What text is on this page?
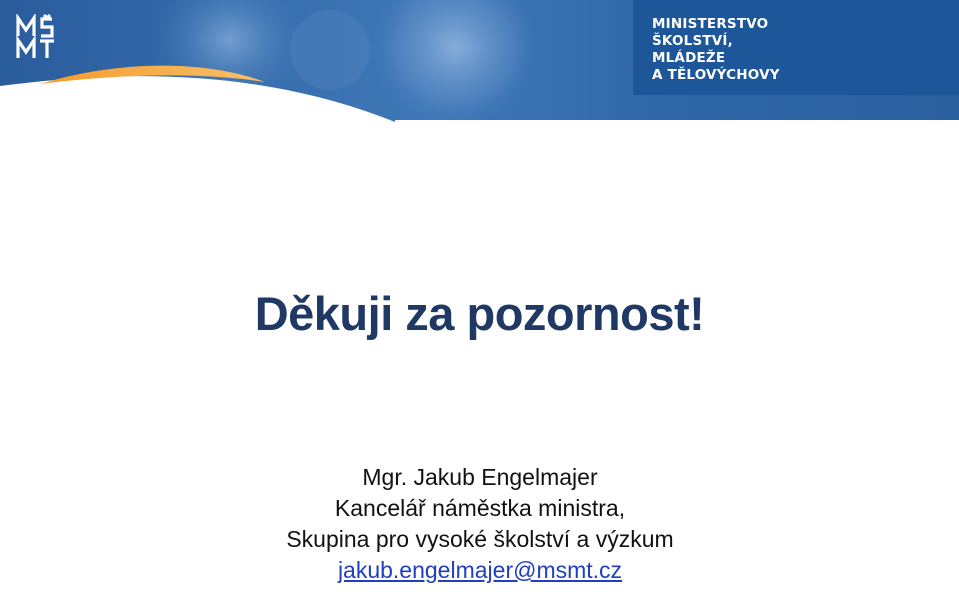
MINISTERSTVO
ŠKOLSTVÍ,
MLÁDEŽE
A TĚLOVÝCHOVY
Děkuji za pozornost!
Mgr. Jakub Engelmajer
Kancelář náměstka ministra,
Skupina pro vysoké školství a výzkum
jakub.engelmajer@msmt.cz
